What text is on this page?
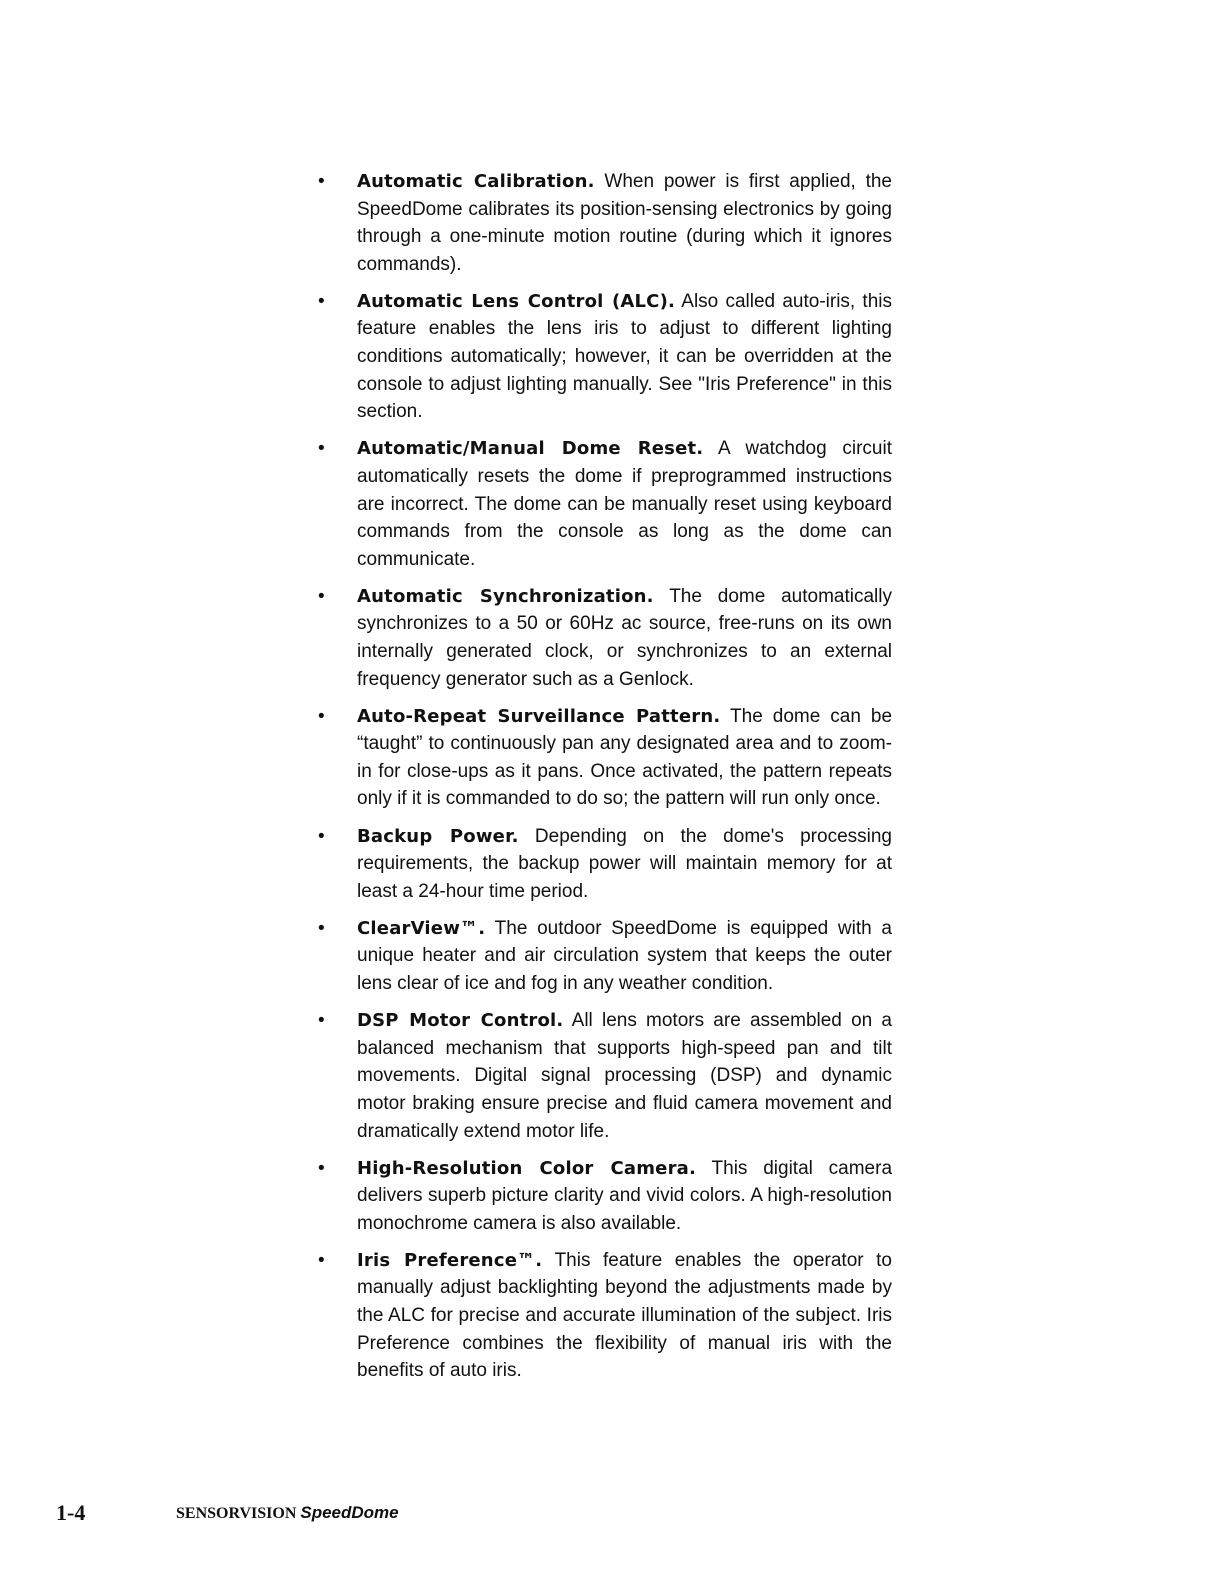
• Automatic Calibration. When power is first applied, the SpeedDome calibrates its position-sensing electronics by going through a one-minute motion routine (during which it ignores commands).
• Automatic Lens Control (ALC). Also called auto-iris, this feature enables the lens iris to adjust to different lighting conditions automatically; however, it can be overridden at the console to adjust lighting manually. See "Iris Preference" in this section.
• Automatic/Manual Dome Reset. A watchdog circuit automatically resets the dome if preprogrammed instructions are incorrect. The dome can be manually reset using keyboard commands from the console as long as the dome can communicate.
• Automatic Synchronization. The dome automatically synchronizes to a 50 or 60Hz ac source, free-runs on its own internally generated clock, or synchronizes to an external frequency generator such as a Genlock.
• Auto-Repeat Surveillance Pattern. The dome can be “taught” to continuously pan any designated area and to zoom-in for close-ups as it pans. Once activated, the pattern repeats only if it is commanded to do so; the pattern will run only once.
• Backup Power. Depending on the dome's processing requirements, the backup power will maintain memory for at least a 24-hour time period.
• ClearView™. The outdoor SpeedDome is equipped with a unique heater and air circulation system that keeps the outer lens clear of ice and fog in any weather condition.
• DSP Motor Control. All lens motors are assembled on a balanced mechanism that supports high-speed pan and tilt movements. Digital signal processing (DSP) and dynamic motor braking ensure precise and fluid camera movement and dramatically extend motor life.
• High-Resolution Color Camera. This digital camera delivers superb picture clarity and vivid colors. A high-resolution monochrome camera is also available.
• Iris Preference™. This feature enables the operator to manually adjust backlighting beyond the adjustments made by the ALC for precise and accurate illumination of the subject. Iris Preference combines the flexibility of manual iris with the benefits of auto iris.
1-4	SENSORVISION SpeedDome
